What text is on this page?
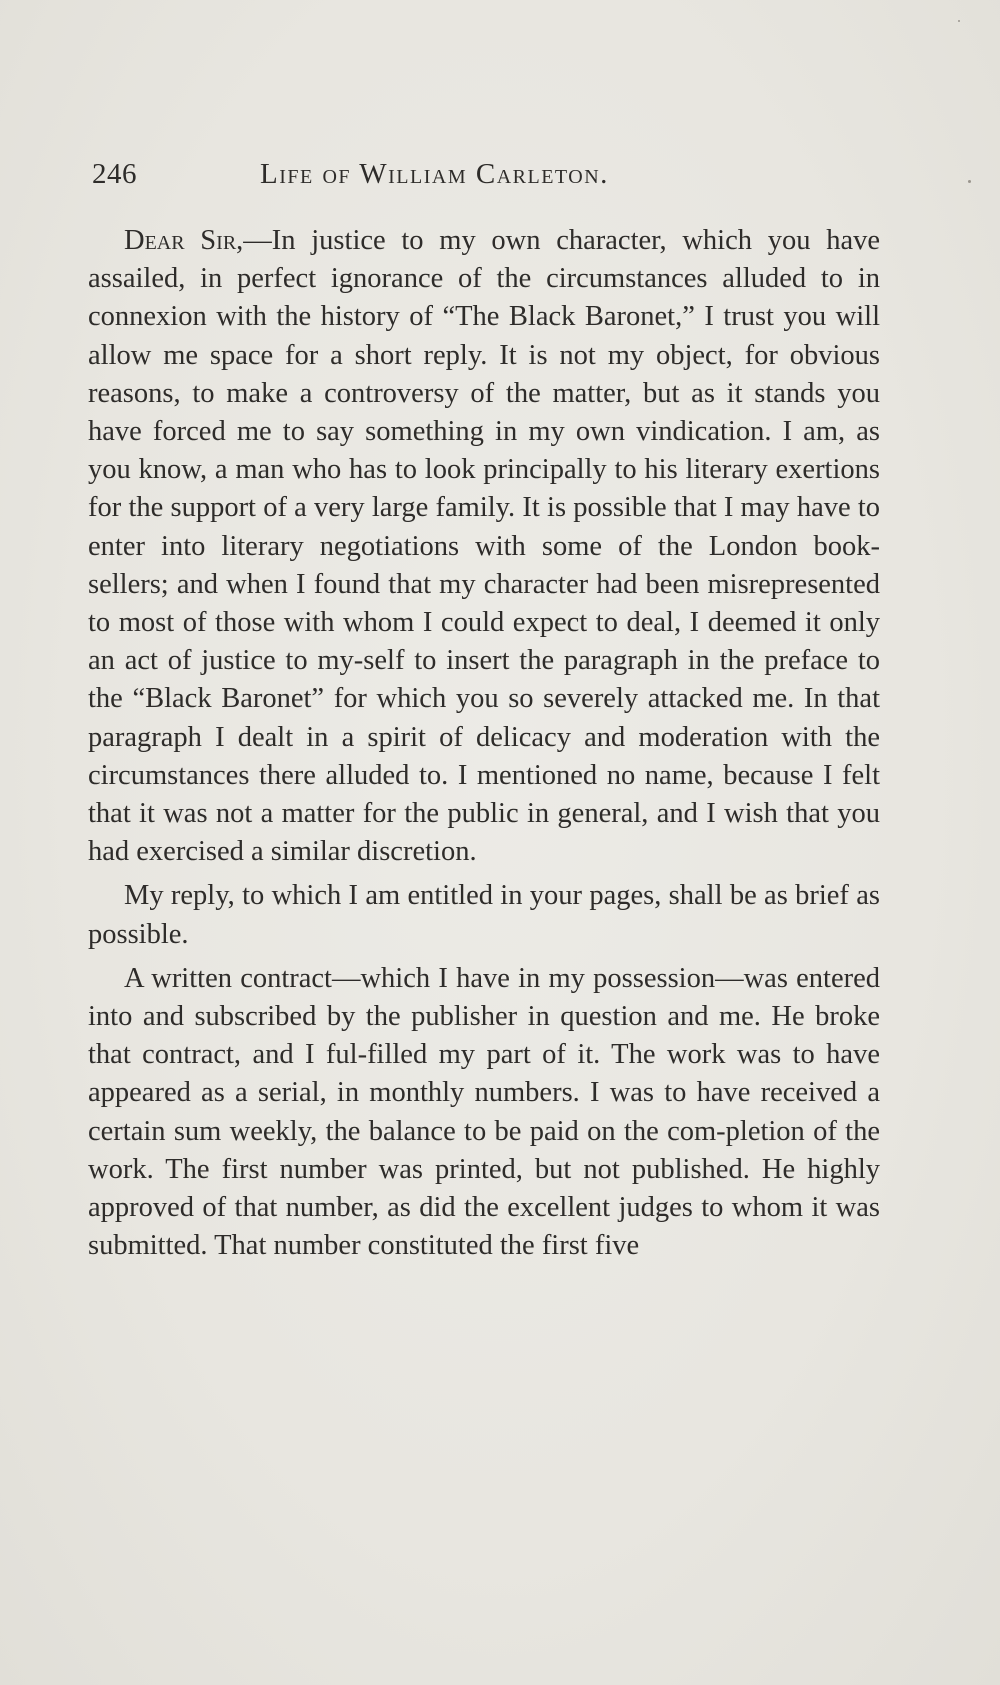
246	Life of William Carleton.

Dear Sir,—In justice to my own character, which you have assailed, in perfect ignorance of the circumstances alluded to in connexion with the history of “The Black Baronet,” I trust you will allow me space for a short reply. It is not my object, for obvious reasons, to make a controversy of the matter, but as it stands you have forced me to say something in my own vindication. I am, as you know, a man who has to look principally to his literary exertions for the support of a very large family. It is possible that I may have to enter into literary negotiations with some of the London book-sellers; and when I found that my character had been misrepresented to most of those with whom I could expect to deal, I deemed it only an act of justice to my-self to insert the paragraph in the preface to the “Black Baronet” for which you so severely attacked me. In that paragraph I dealt in a spirit of delicacy and moderation with the circumstances there alluded to. I mentioned no name, because I felt that it was not a matter for the public in general, and I wish that you had exercised a similar discretion.

My reply, to which I am entitled in your pages, shall be as brief as possible.

A written contract—which I have in my possession—was entered into and subscribed by the publisher in question and me. He broke that contract, and I ful-filled my part of it. The work was to have appeared as a serial, in monthly numbers. I was to have received a certain sum weekly, the balance to be paid on the com-pletion of the work. The first number was printed, but not published. He highly approved of that number, as did the excellent judges to whom it was submitted. That number constituted the first five
